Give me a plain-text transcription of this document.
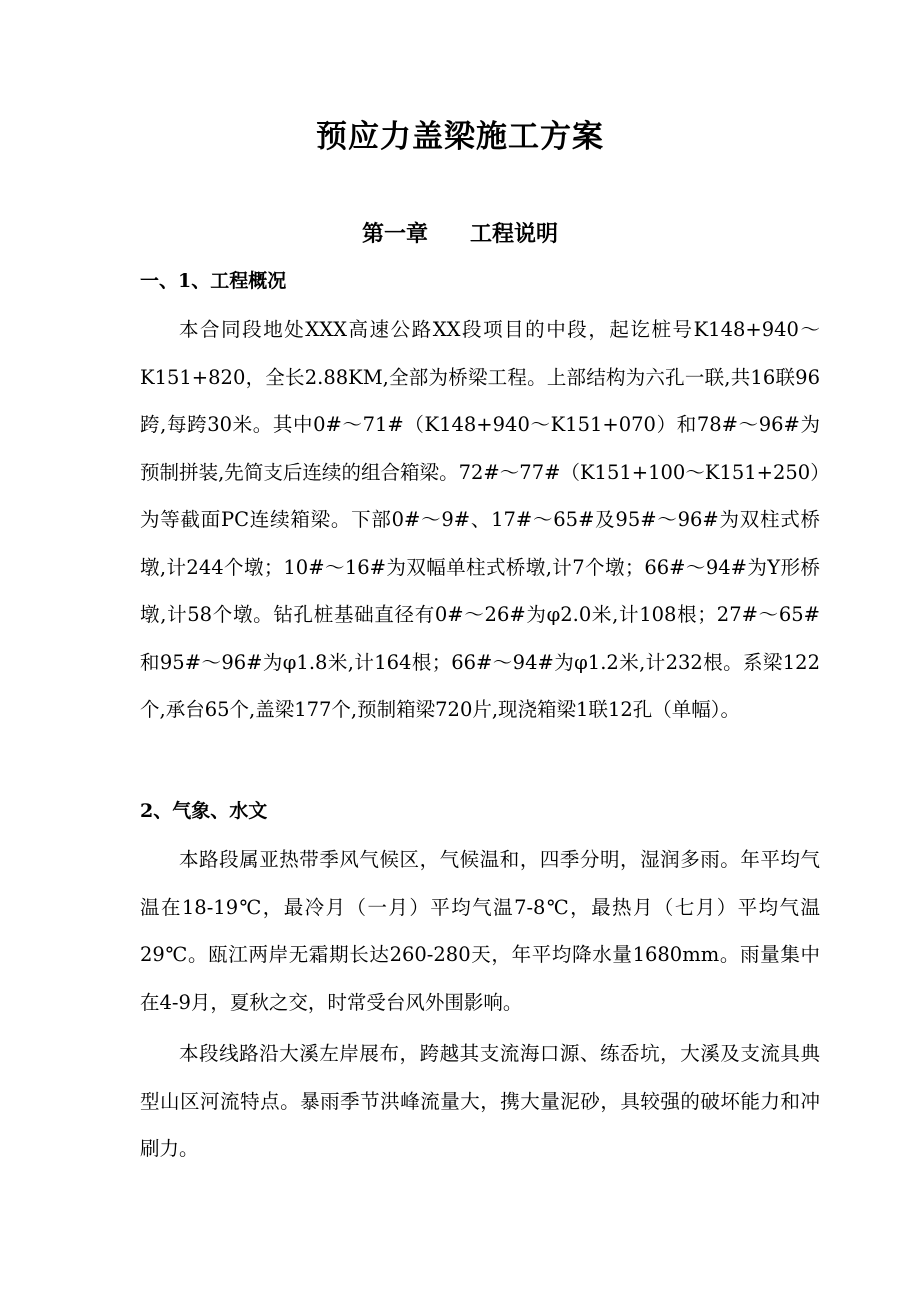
预应力盖梁施工方案
第一章 工程说明
一、1、工程概况

本合同段地处XXX高速公路XX段项目的中段，起讫桩号K148+940～K151+820，全长2.88KM,全部为桥梁工程。上部结构为六孔一联,共16联96跨,每跨30米。其中0#～71#（K148+940～K151+070）和78#～96#为预制拼装,先简支后连续的组合箱梁。72#～77#（K151+100～K151+250）为等截面PC连续箱梁。下部0#～9#、17#～65#及95#～96#为双柱式桥墩,计244个墩；10#～16#为双幅单柱式桥墩,计7个墩；66#～94#为Y形桥墩,计58个墩。钻孔桩基础直径有0#～26#为φ2.0米,计108根；27#～65#和95#～96#为φ1.8米,计164根；66#～94#为φ1.2米,计232根。系梁122个,承台65个,盖梁177个,预制箱梁720片,现浇箱梁1联12孔（单幅）。

2、气象、水文

本路段属亚热带季风气候区，气候温和，四季分明，湿润多雨。年平均气温在18-19℃，最冷月（一月）平均气温7-8℃，最热月（七月）平均气温29℃。瓯江两岸无霜期长达260-280天，年平均降水量1680mm。雨量集中在4-9月，夏秋之交，时常受台风外围影响。

本段线路沿大溪左岸展布，跨越其支流海口源、练岙坑，大溪及支流具典型山区河流特点。暴雨季节洪峰流量大，携大量泥砂，具较强的破坏能力和冲刷力。
